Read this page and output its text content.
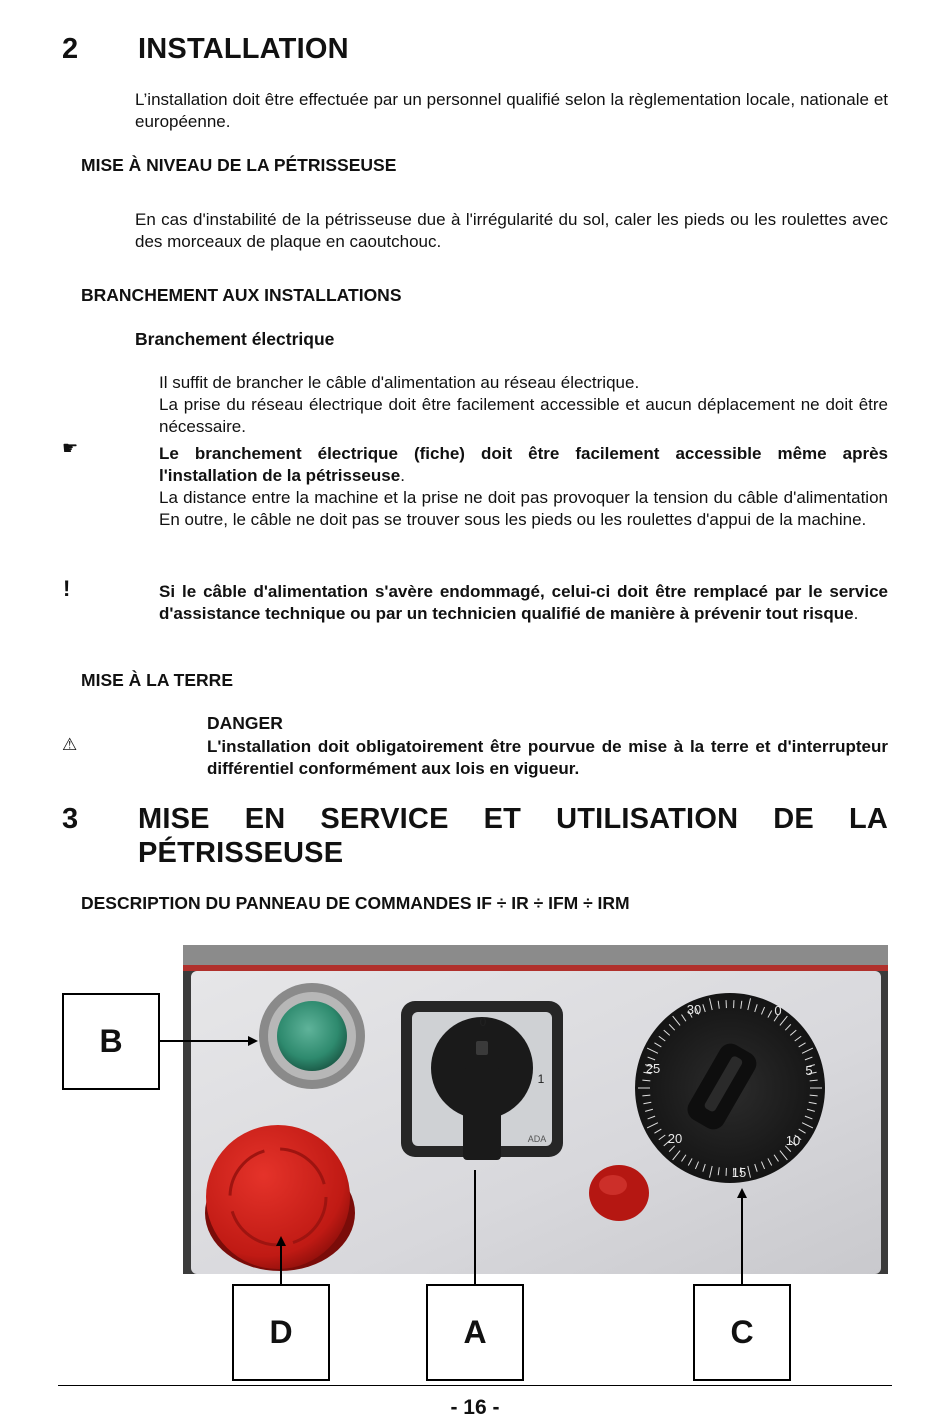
2 INSTALLATION
L’installation doit être effectuée par un personnel qualifié selon la règlementation locale, nationale et européenne.
MISE À NIVEAU DE LA PÉTRISSEUSE
En cas d'instabilité de la pétrisseuse due à l'irrégularité du sol, caler les pieds ou les roulettes avec des morceaux de plaque en caoutchouc.
BRANCHEMENT AUX INSTALLATIONS
Branchement électrique
Il suffit de brancher le câble d'alimentation au réseau électrique.
La prise du réseau électrique doit être facilement accessible et aucun déplacement ne doit être nécessaire.
☛	Le branchement électrique (fiche) doit être facilement accessible même après l'installation de la pétrisseuse.
La distance entre la machine et la prise ne doit pas provoquer la tension du câble d'alimentation En outre, le câble ne doit pas se trouver sous les pieds ou les roulettes d'appui de la machine.
!	Si le câble d'alimentation s'avère endommagé, celui-ci doit être remplacé par le service d'assistance technique ou par un technicien qualifié de manière à prévenir tout risque.
MISE À LA TERRE
DANGER
⚠	L'installation doit obligatoirement être pourvue de mise à la terre et d'interrupteur différentiel conformément aux lois en vigueur.
3 MISE EN SERVICE ET UTILISATION DE LA
PÉTRISSEUSE
DESCRIPTION DU PANNEAU DE COMMANDES IF ÷ IR ÷ IFM ÷ IRM
0
1
ADA
30	0
5
10
15
20
25
B
D	A	C
- 16 -
